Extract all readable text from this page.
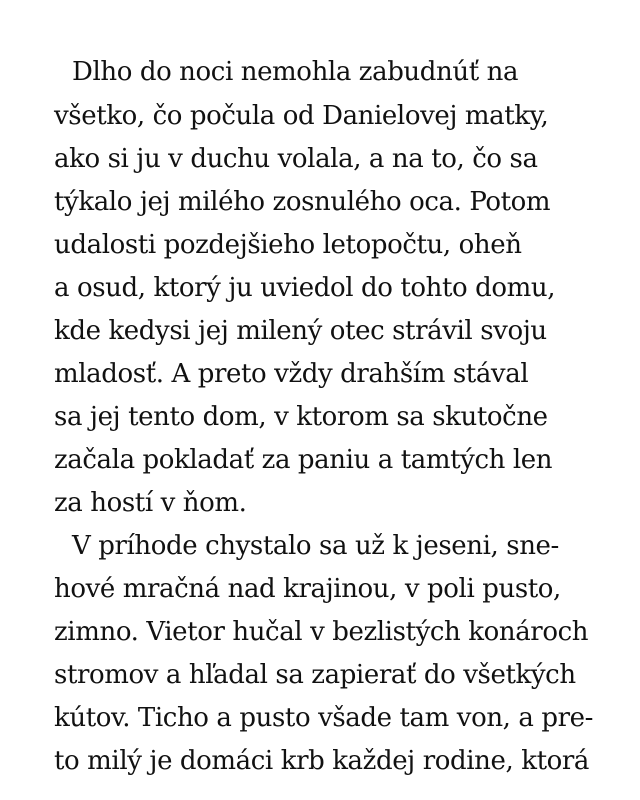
Dlho do noci nemohla zabudnúť na
všetko, čo počula od Danielovej matky,
ako si ju v duchu volala, a na to, čo sa
týkalo jej milého zosnulého oca. Potom
udalosti pozdejšieho letopočtu, oheň
a osud, ktorý ju uviedol do tohto domu,
kde kedysi jej milený otec strávil svoju
mladosť. A preto vždy drahším stával
sa jej tento dom, v ktorom sa skutočne
začala pokladať za paniu a tamtých len
za hostí v ňom.
V príhode chystalo sa už k jeseni, sne-
hové mračná nad krajinou, v poli pusto,
zimno. Vietor hučal v bezlistých konároch
stromov a hľadal sa zapierať do všetkých
kútov. Ticho a pusto všade tam von, a pre-
to milý je domáci krb každej rodine, ktorá
